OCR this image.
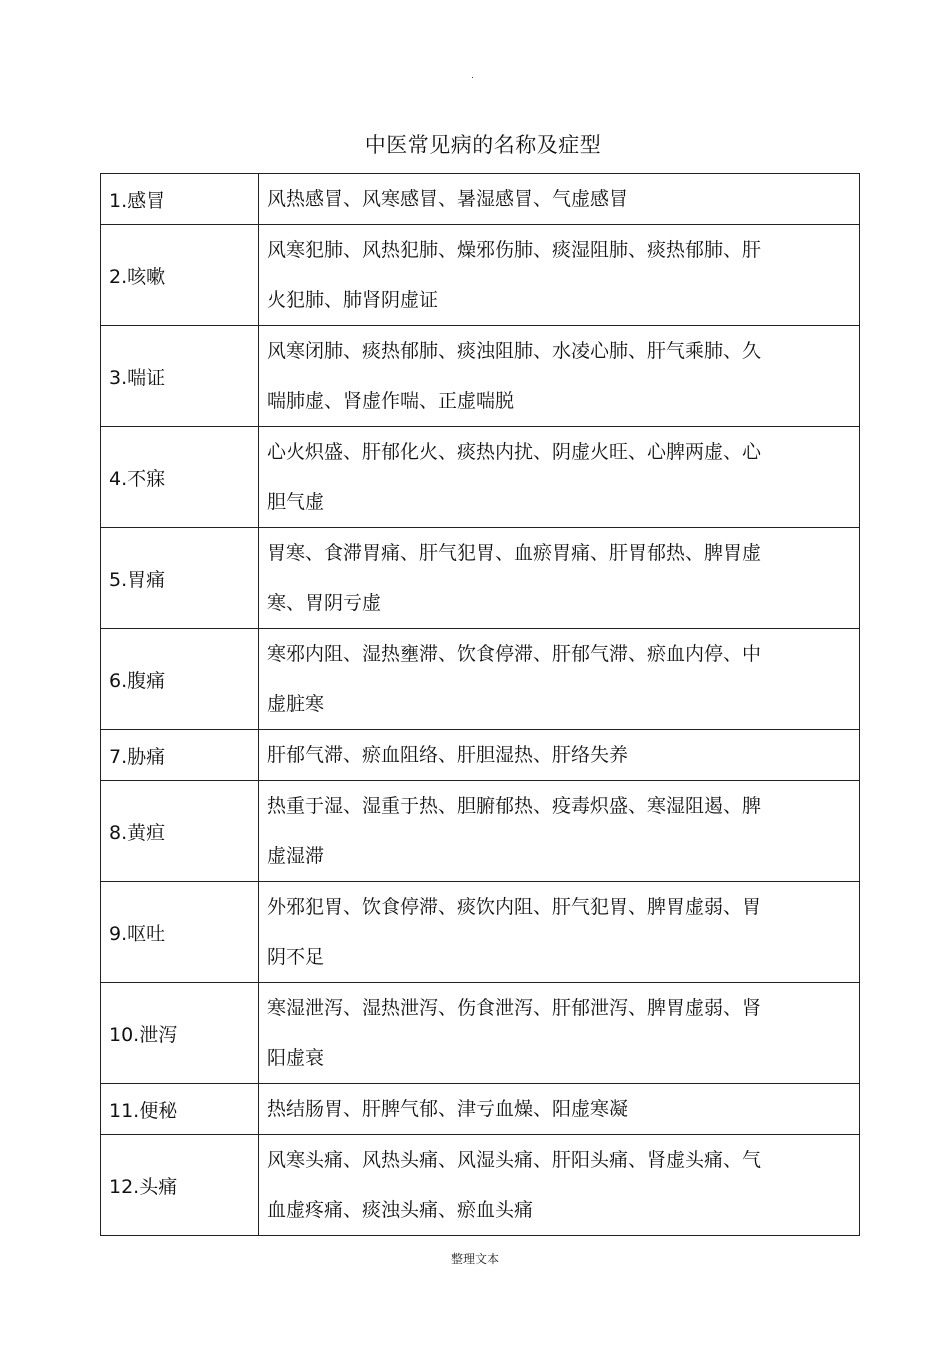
.
中医常见病的名称及症型
1.感冒	风热感冒、风寒感冒、暑湿感冒、气虚感冒

2.咳嗽	风寒犯肺、风热犯肺、燥邪伤肺、痰湿阻肺、痰热郁肺、肝
火犯肺、肺肾阴虚证

3.喘证	风寒闭肺、痰热郁肺、痰浊阻肺、水凌心肺、肝气乘肺、久
喘肺虚、肾虚作喘、正虚喘脱

4.不寐	心火炽盛、肝郁化火、痰热内扰、阴虚火旺、心脾两虚、心
胆气虚

5.胃痛	胃寒、食滞胃痛、肝气犯胃、血瘀胃痛、肝胃郁热、脾胃虚
寒、胃阴亏虚

6.腹痛	寒邪内阻、湿热壅滞、饮食停滞、肝郁气滞、瘀血内停、中
虚脏寒

7.胁痛	肝郁气滞、瘀血阻络、肝胆湿热、肝络失养

8.黄疸	热重于湿、湿重于热、胆腑郁热、疫毒炽盛、寒湿阻遏、脾
虚湿滞

9.呕吐	外邪犯胃、饮食停滞、痰饮内阻、肝气犯胃、脾胃虚弱、胃
阴不足

10.泄泻	寒湿泄泻、湿热泄泻、伤食泄泻、肝郁泄泻、脾胃虚弱、肾
阳虚衰

11.便秘	热结肠胃、肝脾气郁、津亏血燥、阳虚寒凝

12.头痛	风寒头痛、风热头痛、风湿头痛、肝阳头痛、肾虚头痛、气
血虚疼痛、痰浊头痛、瘀血头痛
整理文本
